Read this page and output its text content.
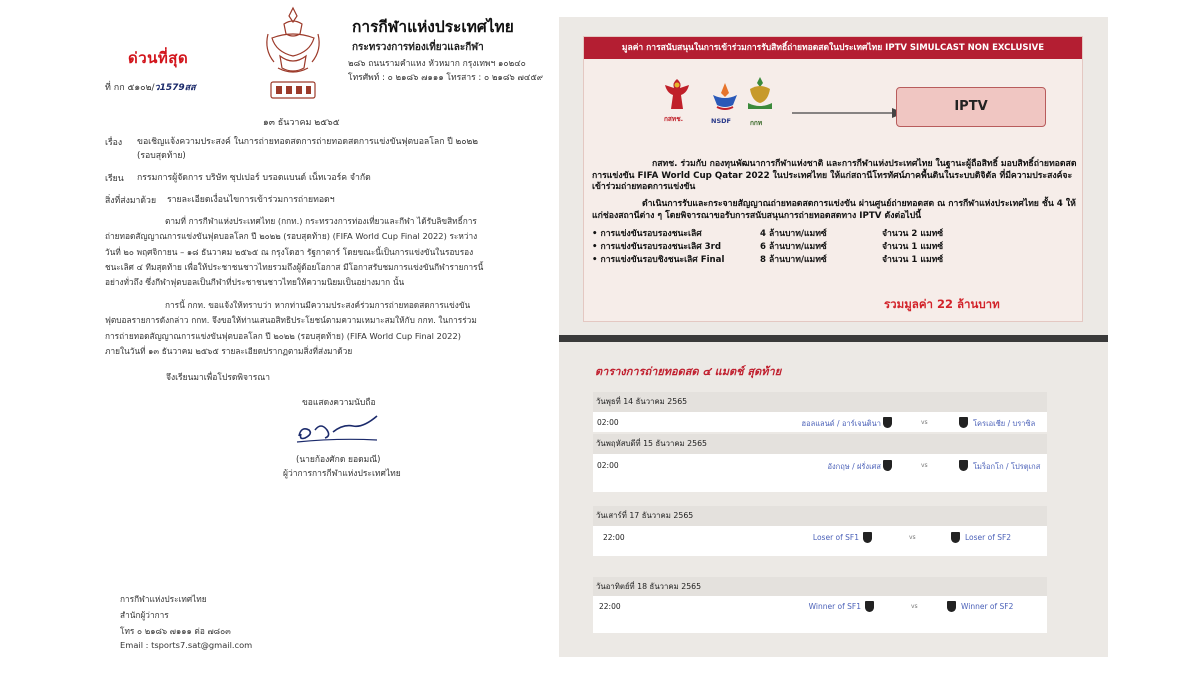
ด่วนที่สุด
การกีฬาแห่งประเทศไทย
กระทรวงการท่องเที่ยวและกีฬา
๒๘๖ ถนนรามคำแหง หัวหมาก กรุงเทพฯ ๑๐๒๔๐
โทรศัพท์ : ๐ ๒๑๘๖ ๗๑๑๑ โทรสาร : ๐ ๒๑๘๖ ๗๔๕๙
ที่ กก ๕๑๐๒/ว1579สส
๑๓ ธันวาคม ๒๕๖๕
เรื่อง	ขอเชิญแจ้งความประสงค์ ในการถ่ายทอดสดการถ่ายทอดสดการแข่งขันฟุตบอลโลก ปี ๒๐๒๒ (รอบสุดท้าย)
เรียน	กรรมการผู้จัดการ บริษัท ซุปเปอร์ บรอดแบนด์ เน็ทเวอร์ค จำกัด
สิ่งที่ส่งมาด้วย	รายละเอียดเงื่อนไขการเข้าร่วมการถ่ายทอดฯ
ตามที่ การกีฬาแห่งประเทศไทย (กกท.) กระทรวงการท่องเที่ยวและกีฬา ได้รับลิขสิทธิ์การถ่ายทอดสัญญาณการแข่งขันฟุตบอลโลก ปี ๒๐๒๒ (รอบสุดท้าย) (FIFA World Cup Final 2022) ระหว่างวันที่ ๒๐ พฤศจิกายน – ๑๘ ธันวาคม ๒๕๖๕ ณ กรุงโดฮา รัฐกาตาร์ โดยขณะนี้เป็นการแข่งขันในรอบรองชนะเลิศ ๔ ทีมสุดท้าย เพื่อให้ประชาชนชาวไทยรวมถึงผู้ด้อยโอกาส มีโอกาสรับชมการแข่งขันกีฬารายการนี้อย่างทั่วถึง ซึ่งกีฬาฟุตบอลเป็นกีฬาที่ประชาชนชาวไทยให้ความนิยมเป็นอย่างมาก นั้น
การนี้ กกท. ขอแจ้งให้ทราบว่า หากท่านมีความประสงค์ร่วมการถ่ายทอดสดการแข่งขันฟุตบอลรายการดังกล่าว กกท. จึงขอให้ท่านเสนอสิทธิประโยชน์ตามความเหมาะสมให้กับ กกท. ในการร่วมการถ่ายทอดสัญญาณการแข่งขันฟุตบอลโลก ปี ๒๐๒๒ (รอบสุดท้าย) (FIFA World Cup Final 2022) ภายในวันที่ ๑๓ ธันวาคม ๒๕๖๕ รายละเอียดปรากฏตามสิ่งที่ส่งมาด้วย
จึงเรียนมาเพื่อโปรดพิจารณา
ขอแสดงความนับถือ
(นายก้องศักด ยอดมณี)
ผู้ว่าการการกีฬาแห่งประเทศไทย
การกีฬาแห่งประเทศไทย
สำนักผู้ว่าการ
โทร ๐ ๒๑๘๖ ๗๑๑๑ ต่อ ๗๘๐๓
Email : tsports7.sat@gmail.com
มูลค่า การสนับสนุนในการเข้าร่วมการรับสิทธิ์ถ่ายทอดสดในประเทศไทย IPTV SIMULCAST NON EXCLUSIVE
กสทช.	NSDF	กกท
IPTV
กสทช. ร่วมกับ กองทุนพัฒนาการกีฬาแห่งชาติ และการกีฬาแห่งประเทศไทย ในฐานะผู้ถือสิทธิ์ มอบสิทธิ์ถ่ายทอดสดการแข่งขัน FIFA World Cup Qatar 2022 ในประเทศไทย ให้แก่สถานีโทรทัศน์ภาคพื้นดินในระบบดิจิตัล ที่มีความประสงค์จะเข้าร่วมถ่ายทอดการแข่งขัน
ดำเนินการรับและกระจายสัญญาณถ่ายทอดสดการแข่งขัน ผ่านศูนย์ถ่ายทอดสด ณ การกีฬาแห่งประเทศไทย ชั้น 4 ให้แก่ช่องสถานีต่าง ๆ โดยพิจารณาขอรับการสนับสนุนการถ่ายทอดสดทาง IPTV ดังต่อไปนี้
• การแข่งขันรอบรองชนะเลิศ	4 ล้านบาท/แมทซ์	จำนวน 2 แมทซ์
• การแข่งขันรอบรองชนะเลิศ 3rd	6 ล้านบาท/แมทซ์	จำนวน 1 แมทซ์
• การแข่งขันรอบชิงชนะเลิศ Final	8 ล้านบาท/แมทซ์	จำนวน 1 แมทซ์
รวมมูลค่า 22 ล้านบาท
ตารางการถ่ายทอดสด ๔ แมตช์ สุดท้าย
วันพุธที่ 14 ธันวาคม 2565
02:00	ฮอลแลนด์ / อาร์เจนตินา	vs	โครเอเชีย / บราซิล
วันพฤหัสบดีที่ 15 ธันวาคม 2565
02:00	อังกฤษ / ฝรั่งเศส	vs	โมร็อกโก / โปรตุเกส
วันเสาร์ที่ 17 ธันวาคม 2565
22:00	Loser of SF1	vs	Loser of SF2
วันอาทิตย์ที่ 18 ธันวาคม 2565
22:00	Winner of SF1	vs	Winner of SF2
